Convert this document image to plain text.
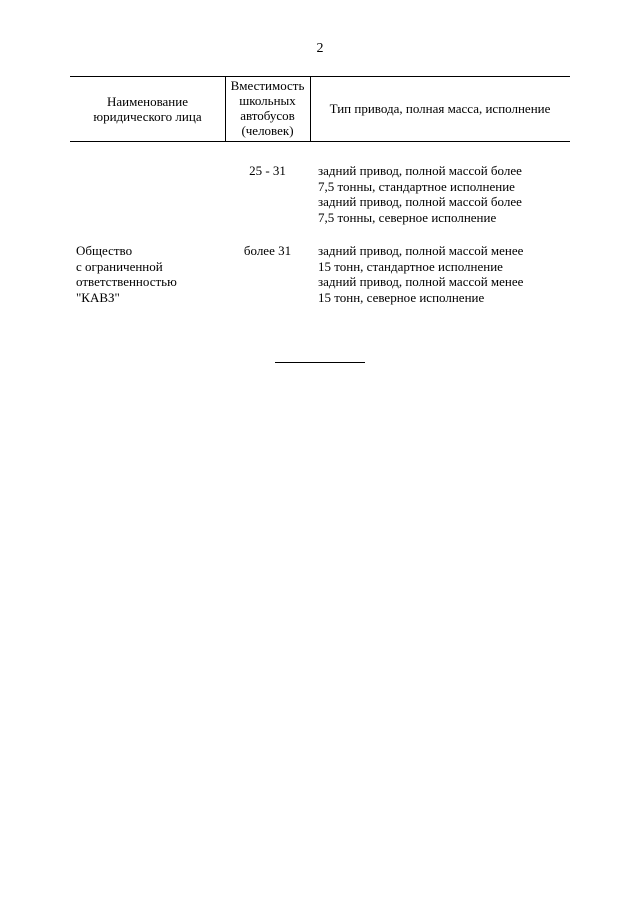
2
Наименование
юридического лица
Вместимость
школьных
автобусов
(человек)
Тип привода, полная масса, исполнение
Общество
с ограниченной
ответственностью
"КАВЗ"
25 - 31	задний привод, полной массой более
7,5 тонны, стандартное исполнение
задний привод, полной массой более
7,5 тонны, северное исполнение
более 31	задний привод, полной массой менее
15 тонн, стандартное исполнение
задний привод, полной массой менее
15 тонн, северное исполнение
